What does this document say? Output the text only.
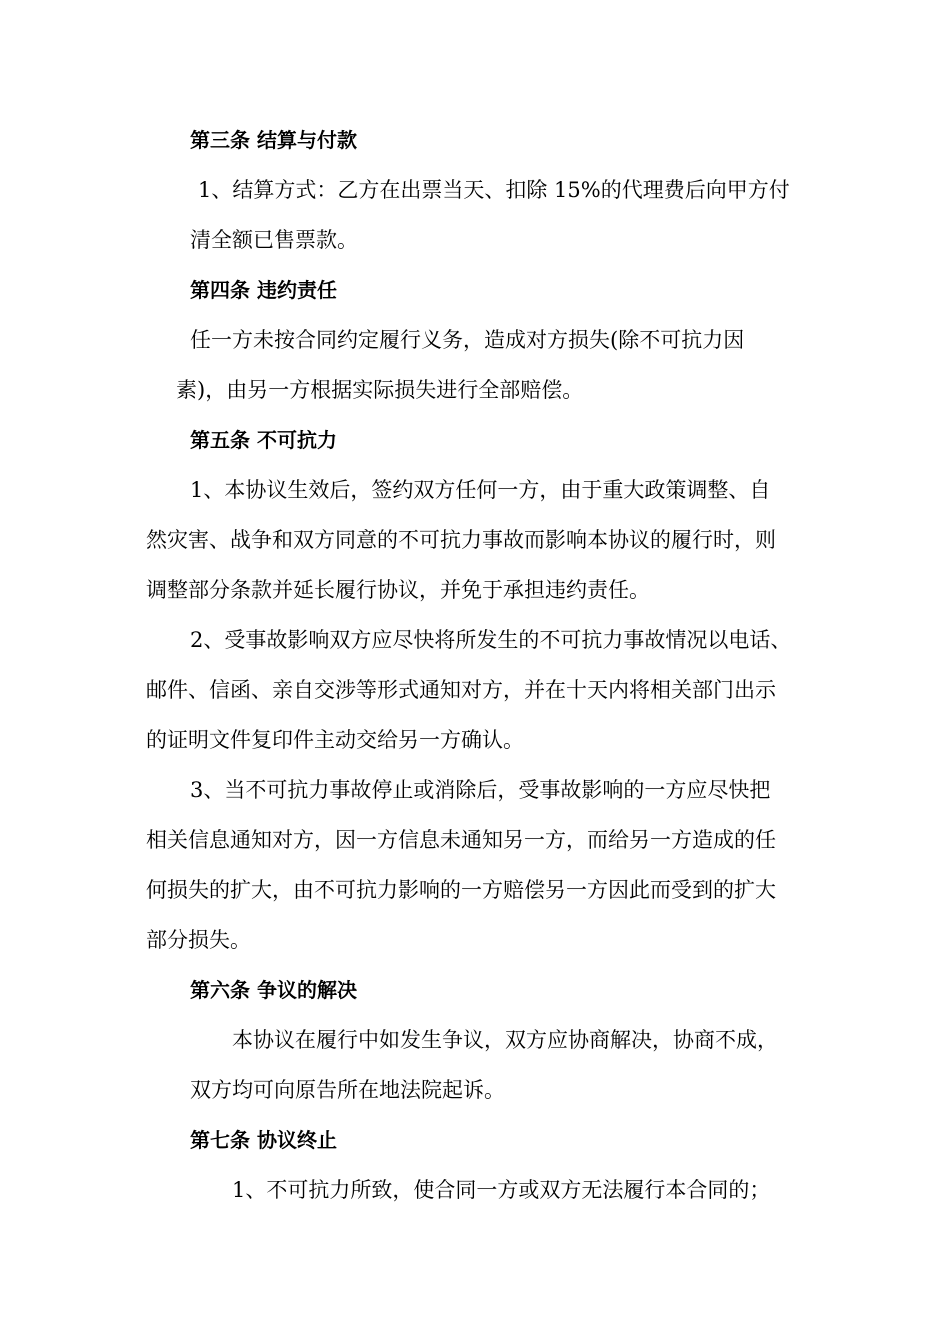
第三条 结算与付款

1、结算方式：乙方在出票当天、扣除 15%的代理费后向甲方付

清全额已售票款。

第四条 违约责任

任一方未按合同约定履行义务，造成对方损失(除不可抗力因

素)，由另一方根据实际损失进行全部赔偿。

第五条 不可抗力

1、本协议生效后，签约双方任何一方，由于重大政策调整、自

然灾害、战争和双方同意的不可抗力事故而影响本协议的履行时，则

调整部分条款并延长履行协议，并免于承担违约责任。

2、受事故影响双方应尽快将所发生的不可抗力事故情况以电话、

邮件、信函、亲自交涉等形式通知对方，并在十天内将相关部门出示

的证明文件复印件主动交给另一方确认。

3、当不可抗力事故停止或消除后，受事故影响的一方应尽快把

相关信息通知对方，因一方信息未通知另一方，而给另一方造成的任

何损失的扩大，由不可抗力影响的一方赔偿另一方因此而受到的扩大

部分损失。

第六条 争议的解决

本协议在履行中如发生争议，双方应协商解决，协商不成，

双方均可向原告所在地法院起诉。

第七条 协议终止

1、不可抗力所致，使合同一方或双方无法履行本合同的；
